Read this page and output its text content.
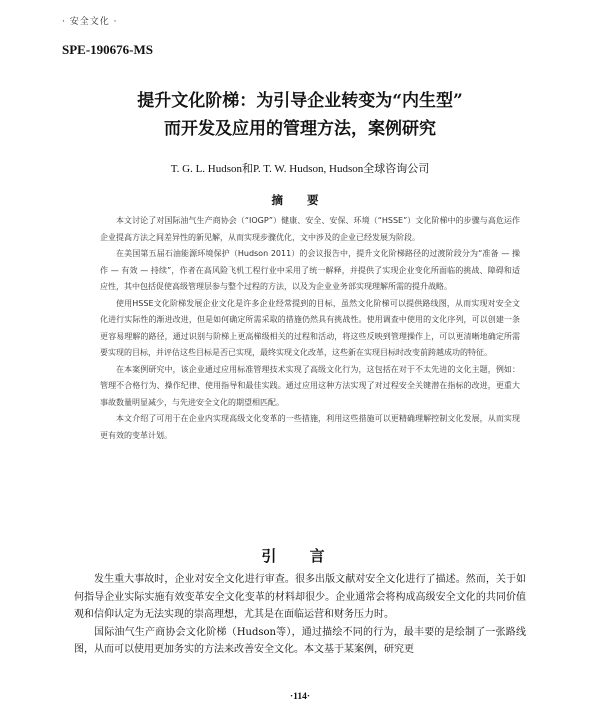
· 安全文化 ·
SPE-190676-MS
提升文化阶梯：为引导企业转变为“内生型”
而开发及应用的管理方法，案例研究
T. G. L. Hudson和P. T. W. Hudson, Hudson全球咨询公司
摘 要

本文讨论了对国际油气生产商协会（“IOGP”）健康、安全、安保、环境（“HSSE”）文化阶梯中的步骤与高危运作企业提高方法之间差异性的新见解，从而实现步骤优化，文中涉及的企业已经发展为阶段。

在美国第五届石油能源环境保护（Hudson 2011）的会议报告中，提升文化阶梯路径的过渡阶段分为“准备 — 操作 — 有效 — 持续”，作者在高风险飞机工程行业中采用了统一解释，并提供了实现企业变化所面临的挑战、障碍和适应性，其中包括促使高级管理层参与整个过程的方法，以及为企业业务部实现理解所需的提升战略。

使用HSSE文化阶梯发展企业文化是许多企业经常提到的目标，虽然文化阶梯可以提供路线图，从而实现对安全文化进行实际性的渐进改进，但是如何确定所需采取的措施仍然具有挑战性。使用调查中使用的文化序列，可以创建一条更容易理解的路径，通过识别与阶梯上更高梯级相关的过程和活动，将这些反映到管理操作上，可以更清晰地确定所需要实现的目标，并评估这些目标是否已实现，最终实现文化改革，这些新在实现目标时改变前跨越成功的特征。

在本案例研究中，该企业通过应用标准管理技术实现了高级文化行为，这包括在对于不太先进的文化主题，例如：管理不合格行为、操作纪律、使用指导和最佳实践。通过应用这种方法实现了对过程安全关键潜在指标的改进，更重大事故数量明显减少，与先进安全文化的期望相匹配。

本文介绍了可用于在企业内实现高级文化变革的一些措施，利用这些措施可以更精确理解控制文化发展，从而实现更有效的变革计划。

引 言

发生重大事故时，企业对安全文化进行审查。很多出版文献对安全文化进行了描述。然而，关于如何指导企业实际实施有效变革安全文化变革的材料却很少。企业通常会将构成高级安全文化的共同价值观和信仰认定为无法实现的崇高理想，尤其是在面临运营和财务压力时。

国际油气生产商协会文化阶梯（Hudson等），通过描绘不同的行为，最丰要的是绘制了一张路线图，从而可以使用更加务实的方法来改善安全文化。本文基于某案例，研究更

·114·
